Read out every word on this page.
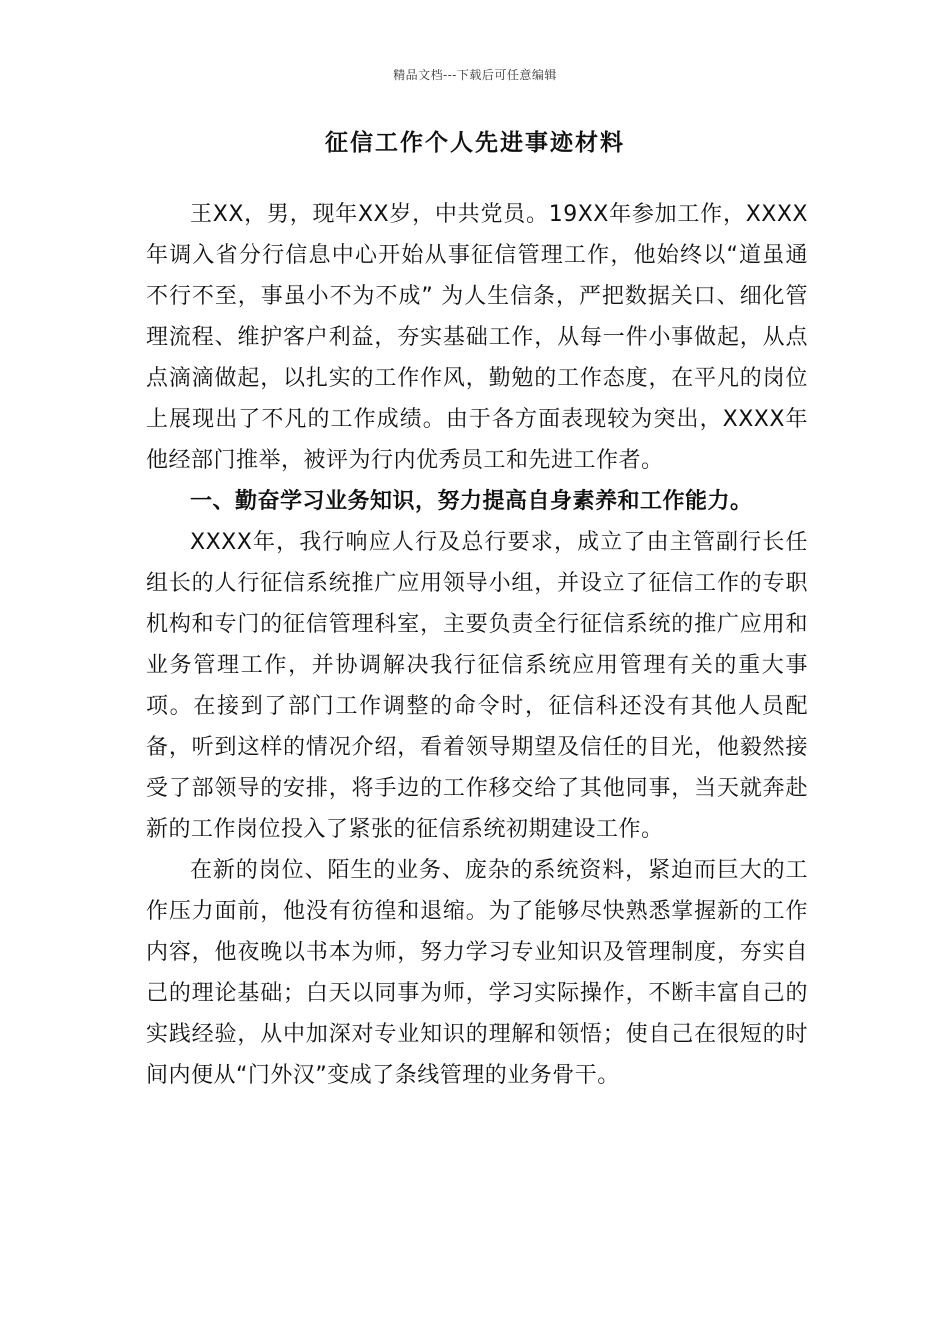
精品文档---下载后可任意编辑
征信工作个人先进事迹材料

王XX，男，现年XX岁，中共党员。19XX年参加工作，XXXX年调入省分行信息中心开始从事征信管理工作，他始终以“道虽通不行不至，事虽小不为不成” 为人生信条，严把数据关口、细化管理流程、维护客户利益，夯实基础工作，从每一件小事做起，从点点滴滴做起，以扎实的工作作风，勤勉的工作态度，在平凡的岗位上展现出了不凡的工作成绩。由于各方面表现较为突出，XXXX年他经部门推举，被评为行内优秀员工和先进工作者。

一、勤奋学习业务知识，努力提高自身素养和工作能力。

XXXX年，我行响应人行及总行要求，成立了由主管副行长任组长的人行征信系统推广应用领导小组，并设立了征信工作的专职机构和专门的征信管理科室，主要负责全行征信系统的推广应用和业务管理工作，并协调解决我行征信系统应用管理有关的重大事项。在接到了部门工作调整的命令时，征信科还没有其他人员配备，听到这样的情况介绍，看着领导期望及信任的目光，他毅然接受了部领导的安排，将手边的工作移交给了其他同事，当天就奔赴新的工作岗位投入了紧张的征信系统初期建设工作。

在新的岗位、陌生的业务、庞杂的系统资料，紧迫而巨大的工作压力面前，他没有彷徨和退缩。为了能够尽快熟悉掌握新的工作内容，他夜晚以书本为师，努力学习专业知识及管理制度，夯实自己的理论基础；白天以同事为师，学习实际操作，不断丰富自己的实践经验，从中加深对专业知识的理解和领悟；使自己在很短的时间内便从“门外汉”变成了条线管理的业务骨干。
